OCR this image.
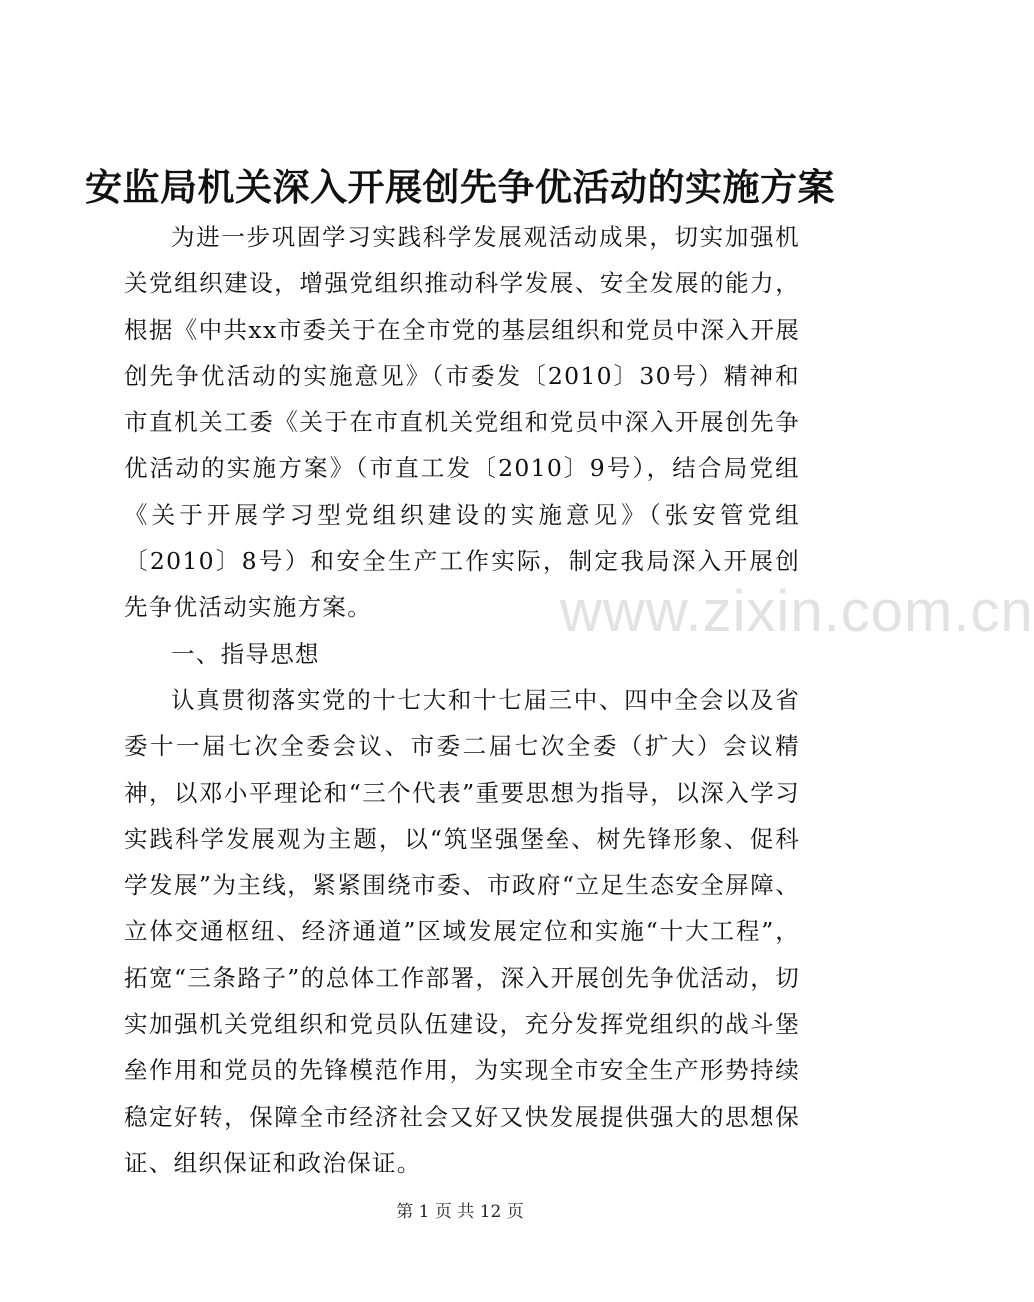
www.zixin.com.cn
安监局机关深入开展创先争优活动的实施方案

为进一步巩固学习实践科学发展观活动成果，切实加强机关党组织建设，增强党组织推动科学发展、安全发展的能力，根据《中共xx市委关于在全市党的基层组织和党员中深入开展创先争优活动的实施意见》（市委发〔2010〕30号）精神和市直机关工委《关于在市直机关党组和党员中深入开展创先争优活动的实施方案》（市直工发〔2010〕9号），结合局党组《关于开展学习型党组织建设的实施意见》（张安管党组〔2010〕8号）和安全生产工作实际，制定我局深入开展创先争优活动实施方案。

一、指导思想

认真贯彻落实党的十七大和十七届三中、四中全会以及省委十一届七次全委会议、市委二届七次全委（扩大）会议精神，以邓小平理论和“三个代表”重要思想为指导，以深入学习实践科学发展观为主题，以“筑坚强堡垒、树先锋形象、促科学发展”为主线，紧紧围绕市委、市政府“立足生态安全屏障、立体交通枢纽、经济通道”区域发展定位和实施“十大工程”，拓宽“三条路子”的总体工作部署，深入开展创先争优活动，切实加强机关党组织和党员队伍建设，充分发挥党组织的战斗堡垒作用和党员的先锋模范作用，为实现全市安全生产形势持续稳定好转，保障全市经济社会又好又快发展提供强大的思想保证、组织保证和政治保证。

第 1 页 共 12 页
